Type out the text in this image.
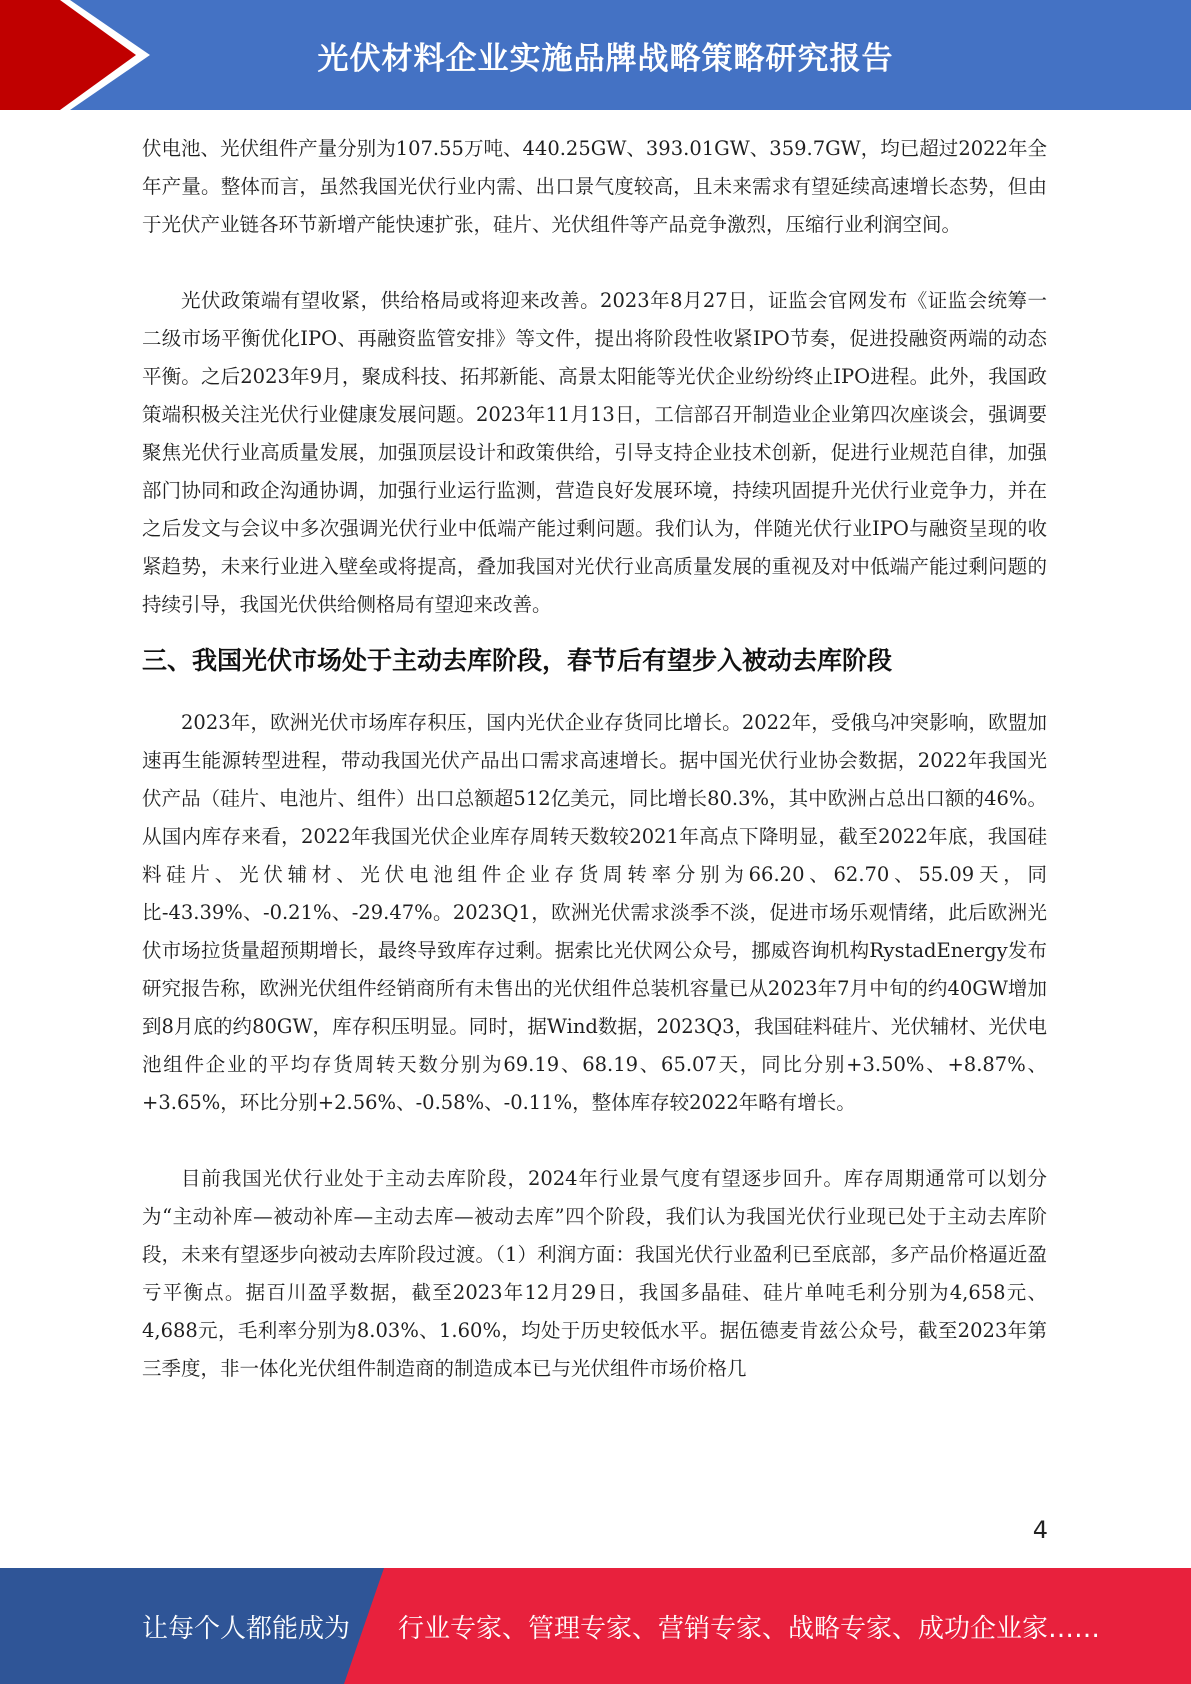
光伏材料企业实施品牌战略策略研究报告

伏电池、光伏组件产量分别为107.55万吨、440.25GW、393.01GW、359.7GW，均已超过2022年全年产量。整体而言，虽然我国光伏行业内需、出口景气度较高，且未来需求有望延续高速增长态势，但由于光伏产业链各环节新增产能快速扩张，硅片、光伏组件等产品竞争激烈，压缩行业利润空间。

光伏政策端有望收紧，供给格局或将迎来改善。2023年8月27日，证监会官网发布《证监会统筹一二级市场平衡优化IPO、再融资监管安排》等文件，提出将阶段性收紧IPO节奏，促进投融资两端的动态平衡。之后2023年9月，聚成科技、拓邦新能、高景太阳能等光伏企业纷纷终止IPO进程。此外，我国政策端积极关注光伏行业健康发展问题。2023年11月13日，工信部召开制造业企业第四次座谈会，强调要聚焦光伏行业高质量发展，加强顶层设计和政策供给，引导支持企业技术创新，促进行业规范自律，加强部门协同和政企沟通协调，加强行业运行监测，营造良好发展环境，持续巩固提升光伏行业竞争力，并在之后发文与会议中多次强调光伏行业中低端产能过剩问题。我们认为，伴随光伏行业IPO与融资呈现的收紧趋势，未来行业进入壁垒或将提高，叠加我国对光伏行业高质量发展的重视及对中低端产能过剩问题的持续引导，我国光伏供给侧格局有望迎来改善。

三、我国光伏市场处于主动去库阶段，春节后有望步入被动去库阶段

2023年，欧洲光伏市场库存积压，国内光伏企业存货同比增长。2022年，受俄乌冲突影响，欧盟加速再生能源转型进程，带动我国光伏产品出口需求高速增长。据中国光伏行业协会数据，2022年我国光伏产品（硅片、电池片、组件）出口总额超512亿美元，同比增长80.3%，其中欧洲占总出口额的46%。从国内库存来看，2022年我国光伏企业库存周转天数较2021年高点下降明显，截至2022年底，我国硅料硅片、光伏辅材、光伏电池组件企业存货周转率分别为66.20、62.70、55.09天，同比-43.39%、-0.21%、-29.47%。2023Q1，欧洲光伏需求淡季不淡，促进市场乐观情绪，此后欧洲光伏市场拉货量超预期增长，最终导致库存过剩。据索比光伏网公众号，挪威咨询机构RystadEnergy发布研究报告称，欧洲光伏组件经销商所有未售出的光伏组件总装机容量已从2023年7月中旬的约40GW增加到8月底的约80GW，库存积压明显。同时，据Wind数据，2023Q3，我国硅料硅片、光伏辅材、光伏电池组件企业的平均存货周转天数分别为69.19、68.19、65.07天，同比分别+3.50%、+8.87%、+3.65%，环比分别+2.56%、-0.58%、-0.11%，整体库存较2022年略有增长。

目前我国光伏行业处于主动去库阶段，2024年行业景气度有望逐步回升。库存周期通常可以划分为“主动补库—被动补库—主动去库—被动去库”四个阶段，我们认为我国光伏行业现已处于主动去库阶段，未来有望逐步向被动去库阶段过渡。（1）利润方面：我国光伏行业盈利已至底部，多产品价格逼近盈亏平衡点。据百川盈孚数据，截至2023年12月29日，我国多晶硅、硅片单吨毛利分别为4,658元、4,688元，毛利率分别为8.03%、1.60%，均处于历史较低水平。据伍德麦肯兹公众号，截至2023年第三季度，非一体化光伏组件制造商的制造成本已与光伏组件市场价格几

4
让每个人都能成为 行业专家、管理专家、营销专家、战略专家、成功企业家……
